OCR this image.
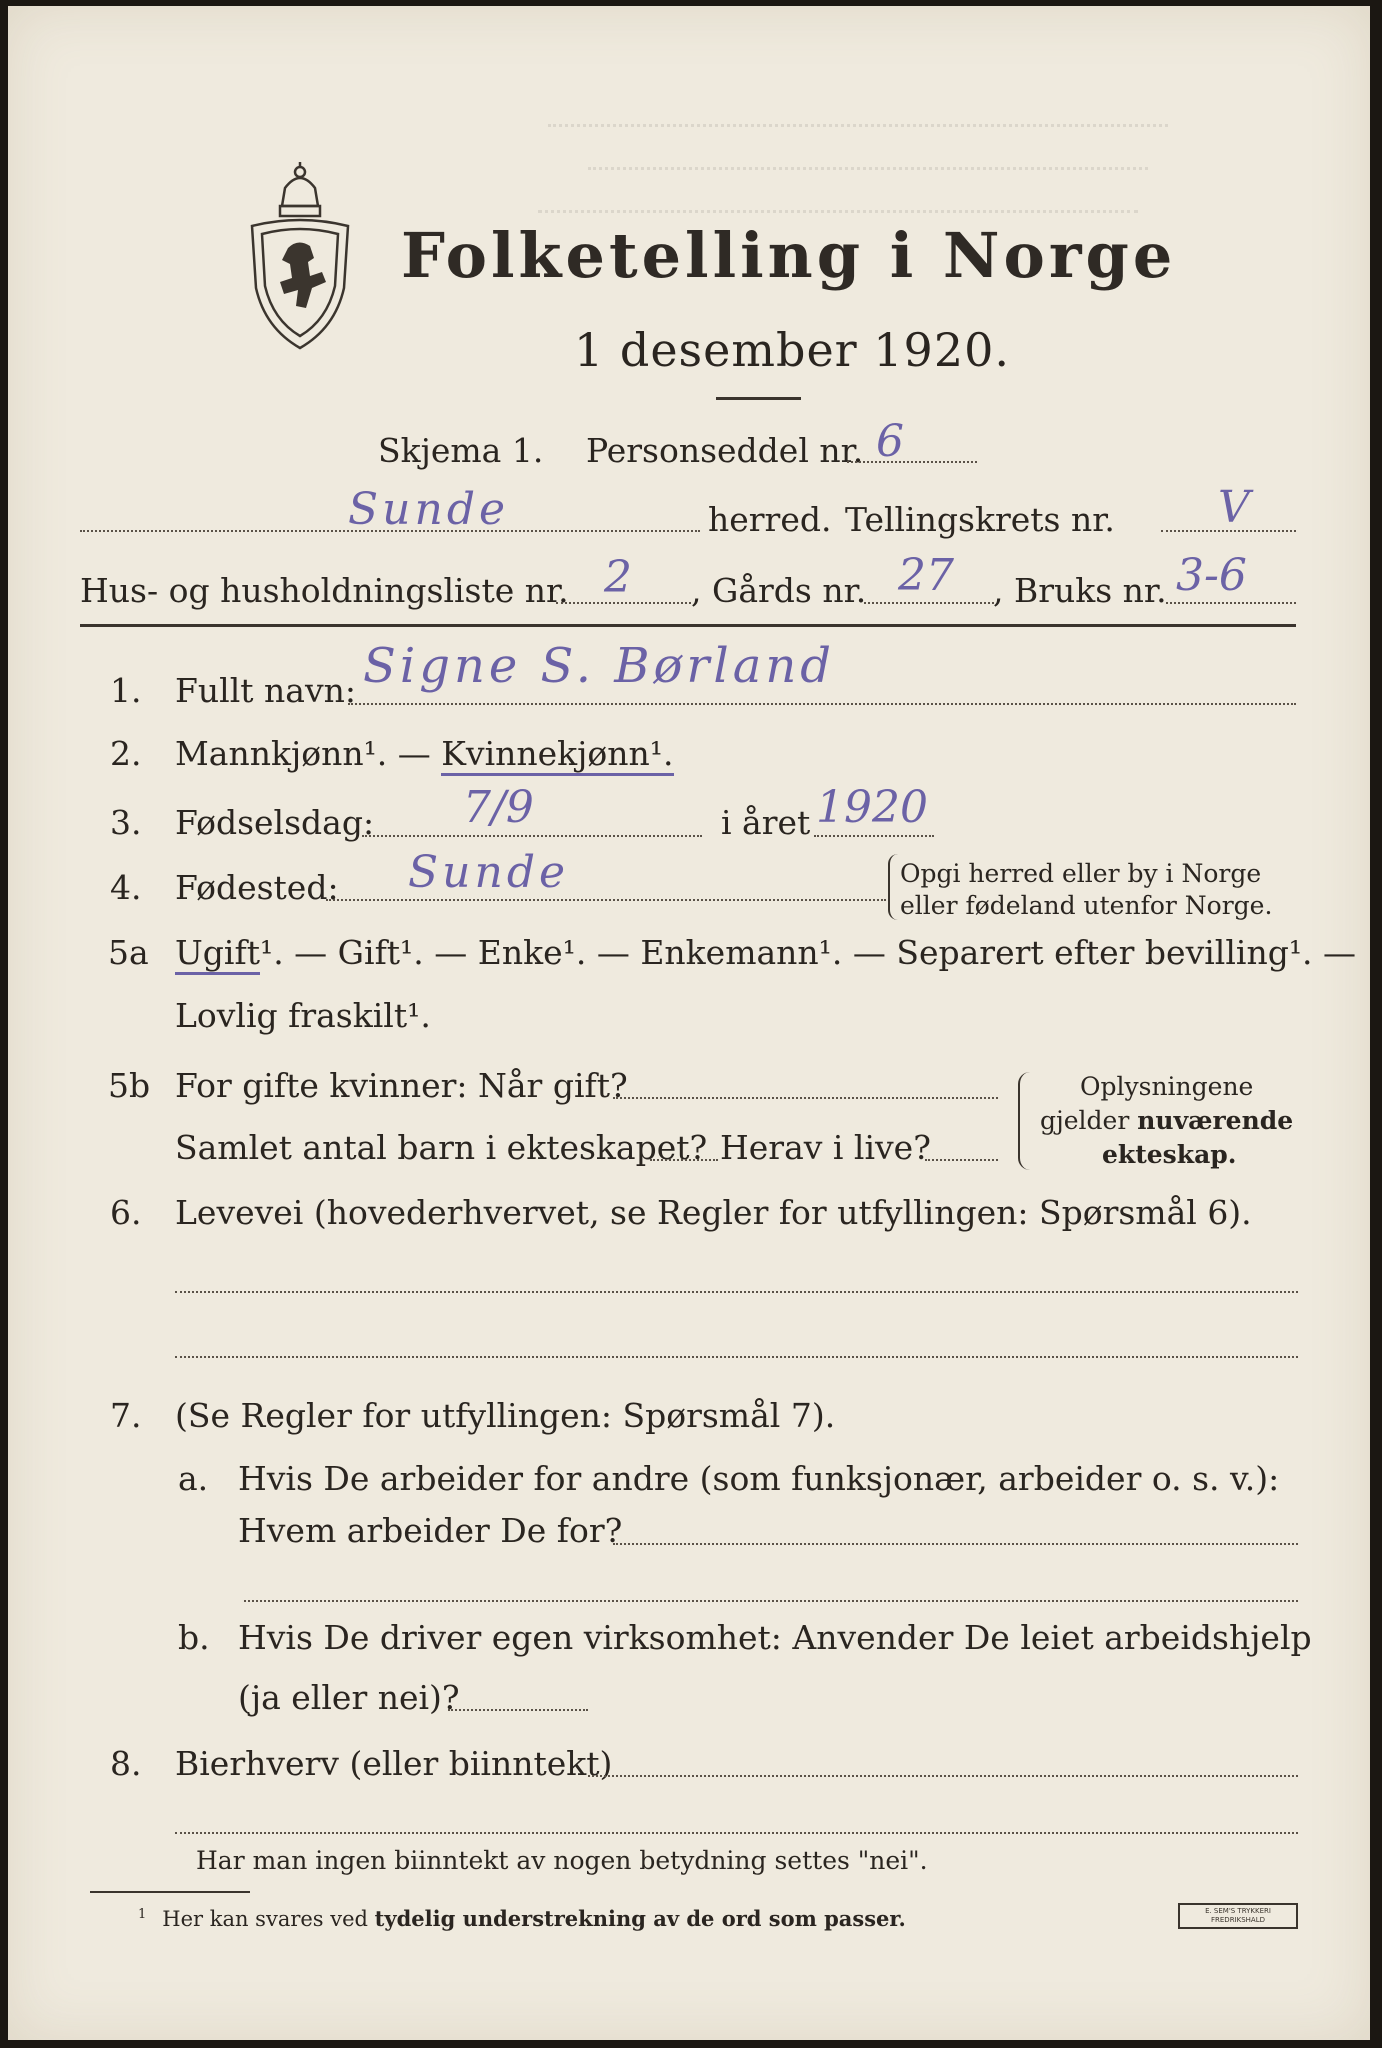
Folketelling i Norge
1 desember 1920.
Skjema 1. Personseddel nr. 6
Sunde	herred. Tellingskrets nr. V
Hus- og husholdningsliste nr. 2 , Gårds nr. 27 , Bruks nr. 3-6
1. Fullt navn: Signe S. Børland
2. Mannkjønn¹. — Kvinnekjønn¹.
3. Fødselsdag: 7/9	i året 1920
4. Fødested: Sunde	Opgi herred eller by i Norge
eller fødeland utenfor Norge.
5a Ugift¹. — Gift¹. — Enke¹. — Enkemann¹. — Separert efter bevilling¹. —
Lovlig fraskilt¹.
5b For gifte kvinner: Når gift?
Samlet antal barn i ekteskapet? Herav i live?
Oplysningene
gjelder nuværende
ekteskap.
6. Levevei (hovederhvervet, se Regler for utfyllingen: Spørsmål 6).
7. (Se Regler for utfyllingen: Spørsmål 7).
a. Hvis De arbeider for andre (som funksjonær, arbeider o. s. v.):
Hvem arbeider De for?
b. Hvis De driver egen virksomhet: Anvender De leiet arbeidshjelp
(ja eller nei)?
8. Bierhverv (eller biinntekt)
Har man ingen biinntekt av nogen betydning settes "nei".
$^1$ Her kan svares ved tydelig understrekning av de ord som passer.	E. SEM'S TRYKKERI
FREDRIKSHALD
